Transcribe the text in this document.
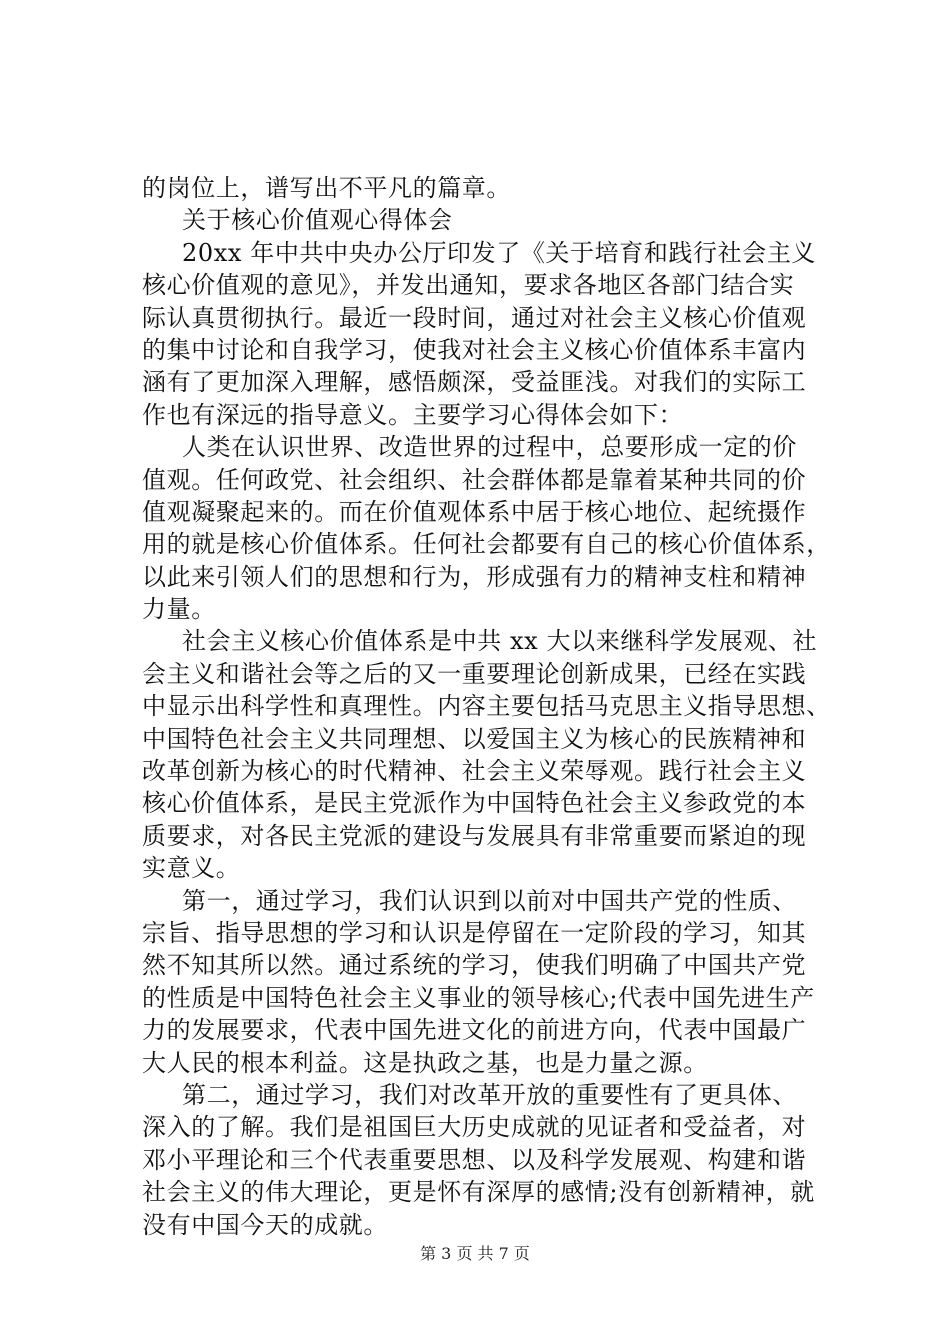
的岗位上，谱写出不平凡的篇章。
关于核心价值观心得体会
20xx 年中共中央办公厅印发了《关于培育和践行社会主义
核心价值观的意见》，并发出通知，要求各地区各部门结合实
际认真贯彻执行。最近一段时间，通过对社会主义核心价值观
的集中讨论和自我学习，使我对社会主义核心价值体系丰富内
涵有了更加深入理解，感悟颇深，受益匪浅。对我们的实际工
作也有深远的指导意义。主要学习心得体会如下：
人类在认识世界、改造世界的过程中，总要形成一定的价
值观。任何政党、社会组织、社会群体都是靠着某种共同的价
值观凝聚起来的。而在价值观体系中居于核心地位、起统摄作
用的就是核心价值体系。任何社会都要有自己的核心价值体系，
以此来引领人们的思想和行为，形成强有力的精神支柱和精神
力量。
社会主义核心价值体系是中共 xx 大以来继科学发展观、社
会主义和谐社会等之后的又一重要理论创新成果，已经在实践
中显示出科学性和真理性。内容主要包括马克思主义指导思想、
中国特色社会主义共同理想、以爱国主义为核心的民族精神和
改革创新为核心的时代精神、社会主义荣辱观。践行社会主义
核心价值体系，是民主党派作为中国特色社会主义参政党的本
质要求，对各民主党派的建设与发展具有非常重要而紧迫的现
实意义。
第一，通过学习，我们认识到以前对中国共产党的性质、
宗旨、指导思想的学习和认识是停留在一定阶段的学习，知其
然不知其所以然。通过系统的学习，使我们明确了中国共产党
的性质是中国特色社会主义事业的领导核心;代表中国先进生产
力的发展要求，代表中国先进文化的前进方向，代表中国最广
大人民的根本利益。这是执政之基，也是力量之源。
第二，通过学习，我们对改革开放的重要性有了更具体、
深入的了解。我们是祖国巨大历史成就的见证者和受益者，对
邓小平理论和三个代表重要思想、以及科学发展观、构建和谐
社会主义的伟大理论，更是怀有深厚的感情;没有创新精神，就
没有中国今天的成就。
第 3 页 共 7 页
